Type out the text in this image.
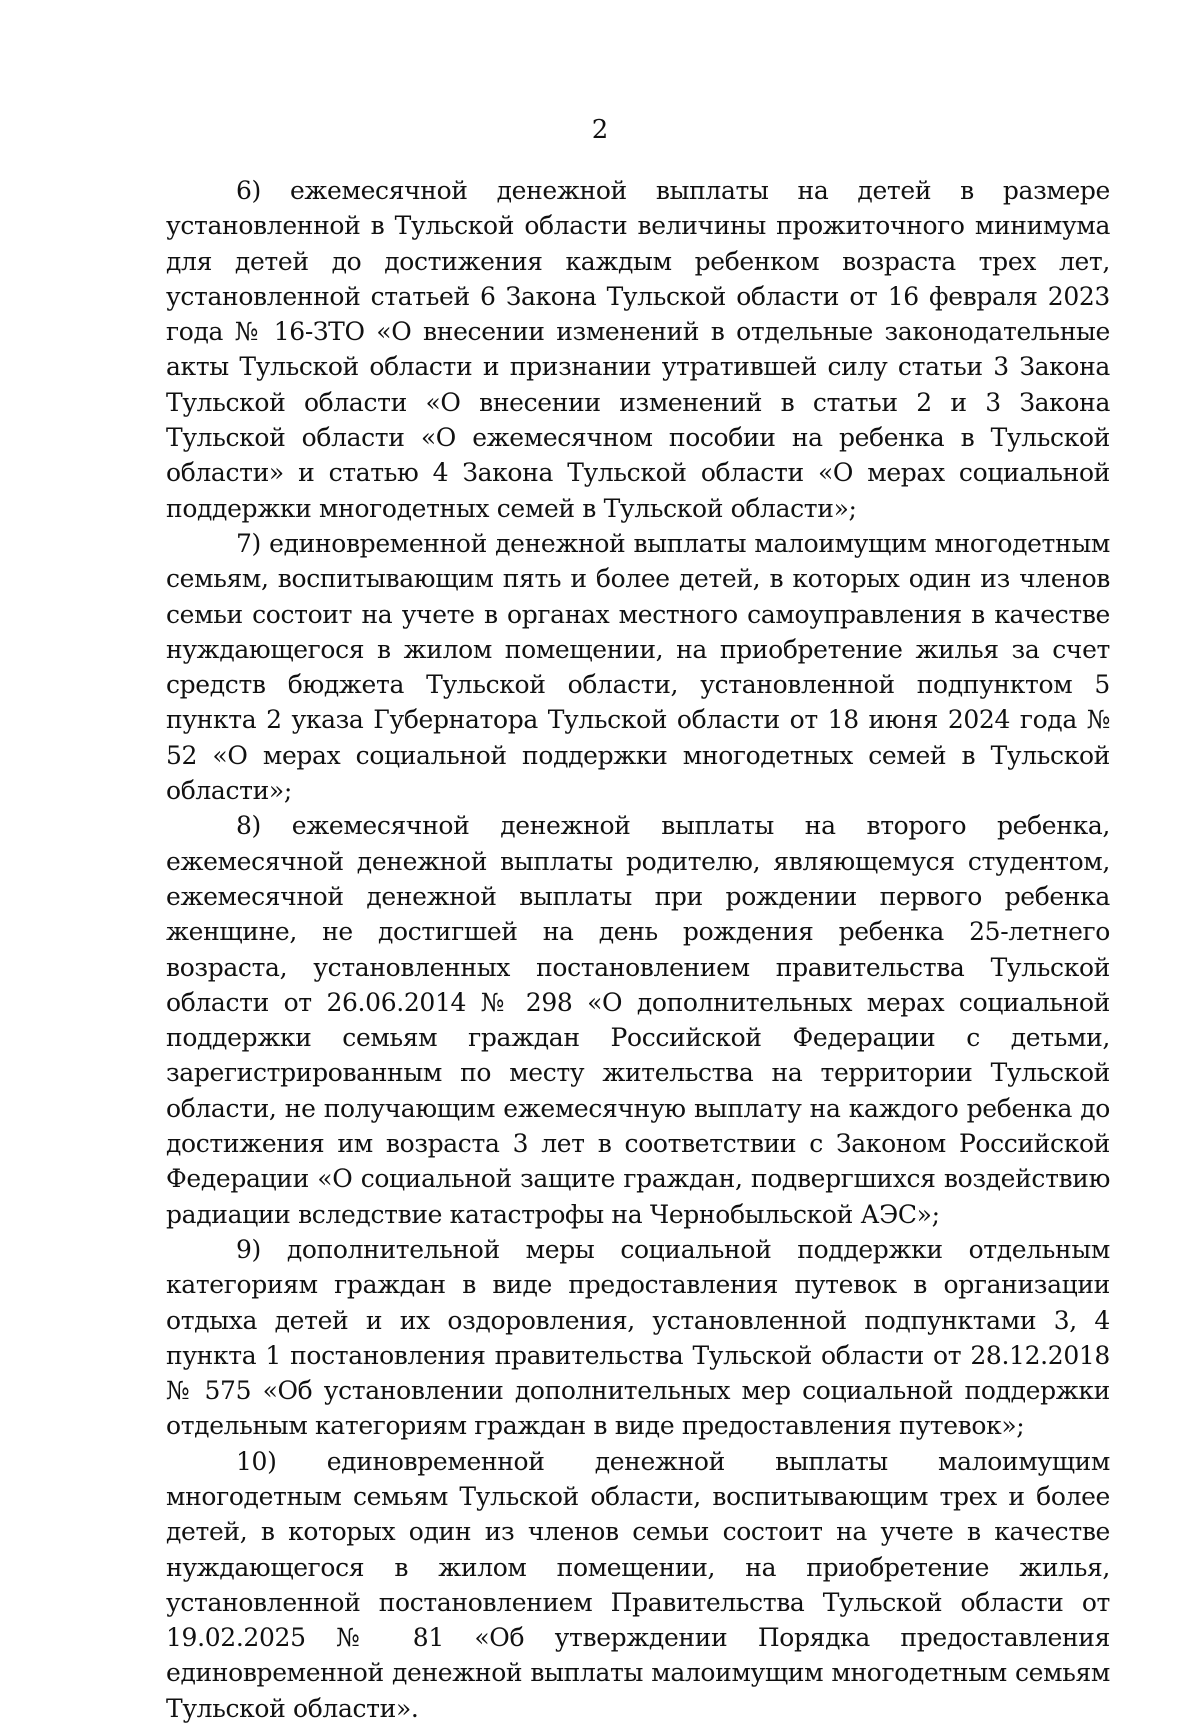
2

6) ежемесячной денежной выплаты на детей в размере установленной в Тульской области величины прожиточного минимума для детей до достижения каждым ребенком возраста трех лет, установленной статьей 6 Закона Тульской области от 16 февраля 2023 года № 16-ЗТО «О внесении изменений в отдельные законодательные акты Тульской области и признании утратившей силу статьи 3 Закона Тульской области «О внесении изменений в статьи 2 и 3 Закона Тульской области «О ежемесячном пособии на ребенка в Тульской области» и статью 4 Закона Тульской области «О мерах социальной поддержки многодетных семей в Тульской области»;

7) единовременной денежной выплаты малоимущим многодетным семьям, воспитывающим пять и более детей, в которых один из членов семьи состоит на учете в органах местного самоуправления в качестве нуждающегося в жилом помещении, на приобретение жилья за счет средств бюджета Тульской области, установленной подпунктом 5 пункта 2 указа Губернатора Тульской области от 18 июня 2024 года № 52 «О мерах социальной поддержки многодетных семей в Тульской области»;

8) ежемесячной денежной выплаты на второго ребенка, ежемесячной денежной выплаты родителю, являющемуся студентом, ежемесячной денежной выплаты при рождении первого ребенка женщине, не достигшей на день рождения ребенка 25-летнего возраста, установленных постановлением правительства Тульской области от 26.06.2014 № 298 «О дополнительных мерах социальной поддержки семьям граждан Российской Федерации с детьми, зарегистрированным по месту жительства на территории Тульской области, не получающим ежемесячную выплату на каждого ребенка до достижения им возраста 3 лет в соответствии с Законом Российской Федерации «О социальной защите граждан, подвергшихся воздействию радиации вследствие катастрофы на Чернобыльской АЭС»;

9) дополнительной меры социальной поддержки отдельным категориям граждан в виде предоставления путевок в организации отдыха детей и их оздоровления, установленной подпунктами 3, 4 пункта 1 постановления правительства Тульской области от 28.12.2018 № 575 «Об установлении дополнительных мер социальной поддержки отдельным категориям граждан в виде предоставления путевок»;

10) единовременной денежной выплаты малоимущим многодетным семьям Тульской области, воспитывающим трех и более детей, в которых один из членов семьи состоит на учете в качестве нуждающегося в жилом помещении, на приобретение жилья, установленной постановлением Правительства Тульской области от 19.02.2025 № 81 «Об утверждении Порядка предоставления единовременной денежной выплаты малоимущим многодетным семьям Тульской области».
